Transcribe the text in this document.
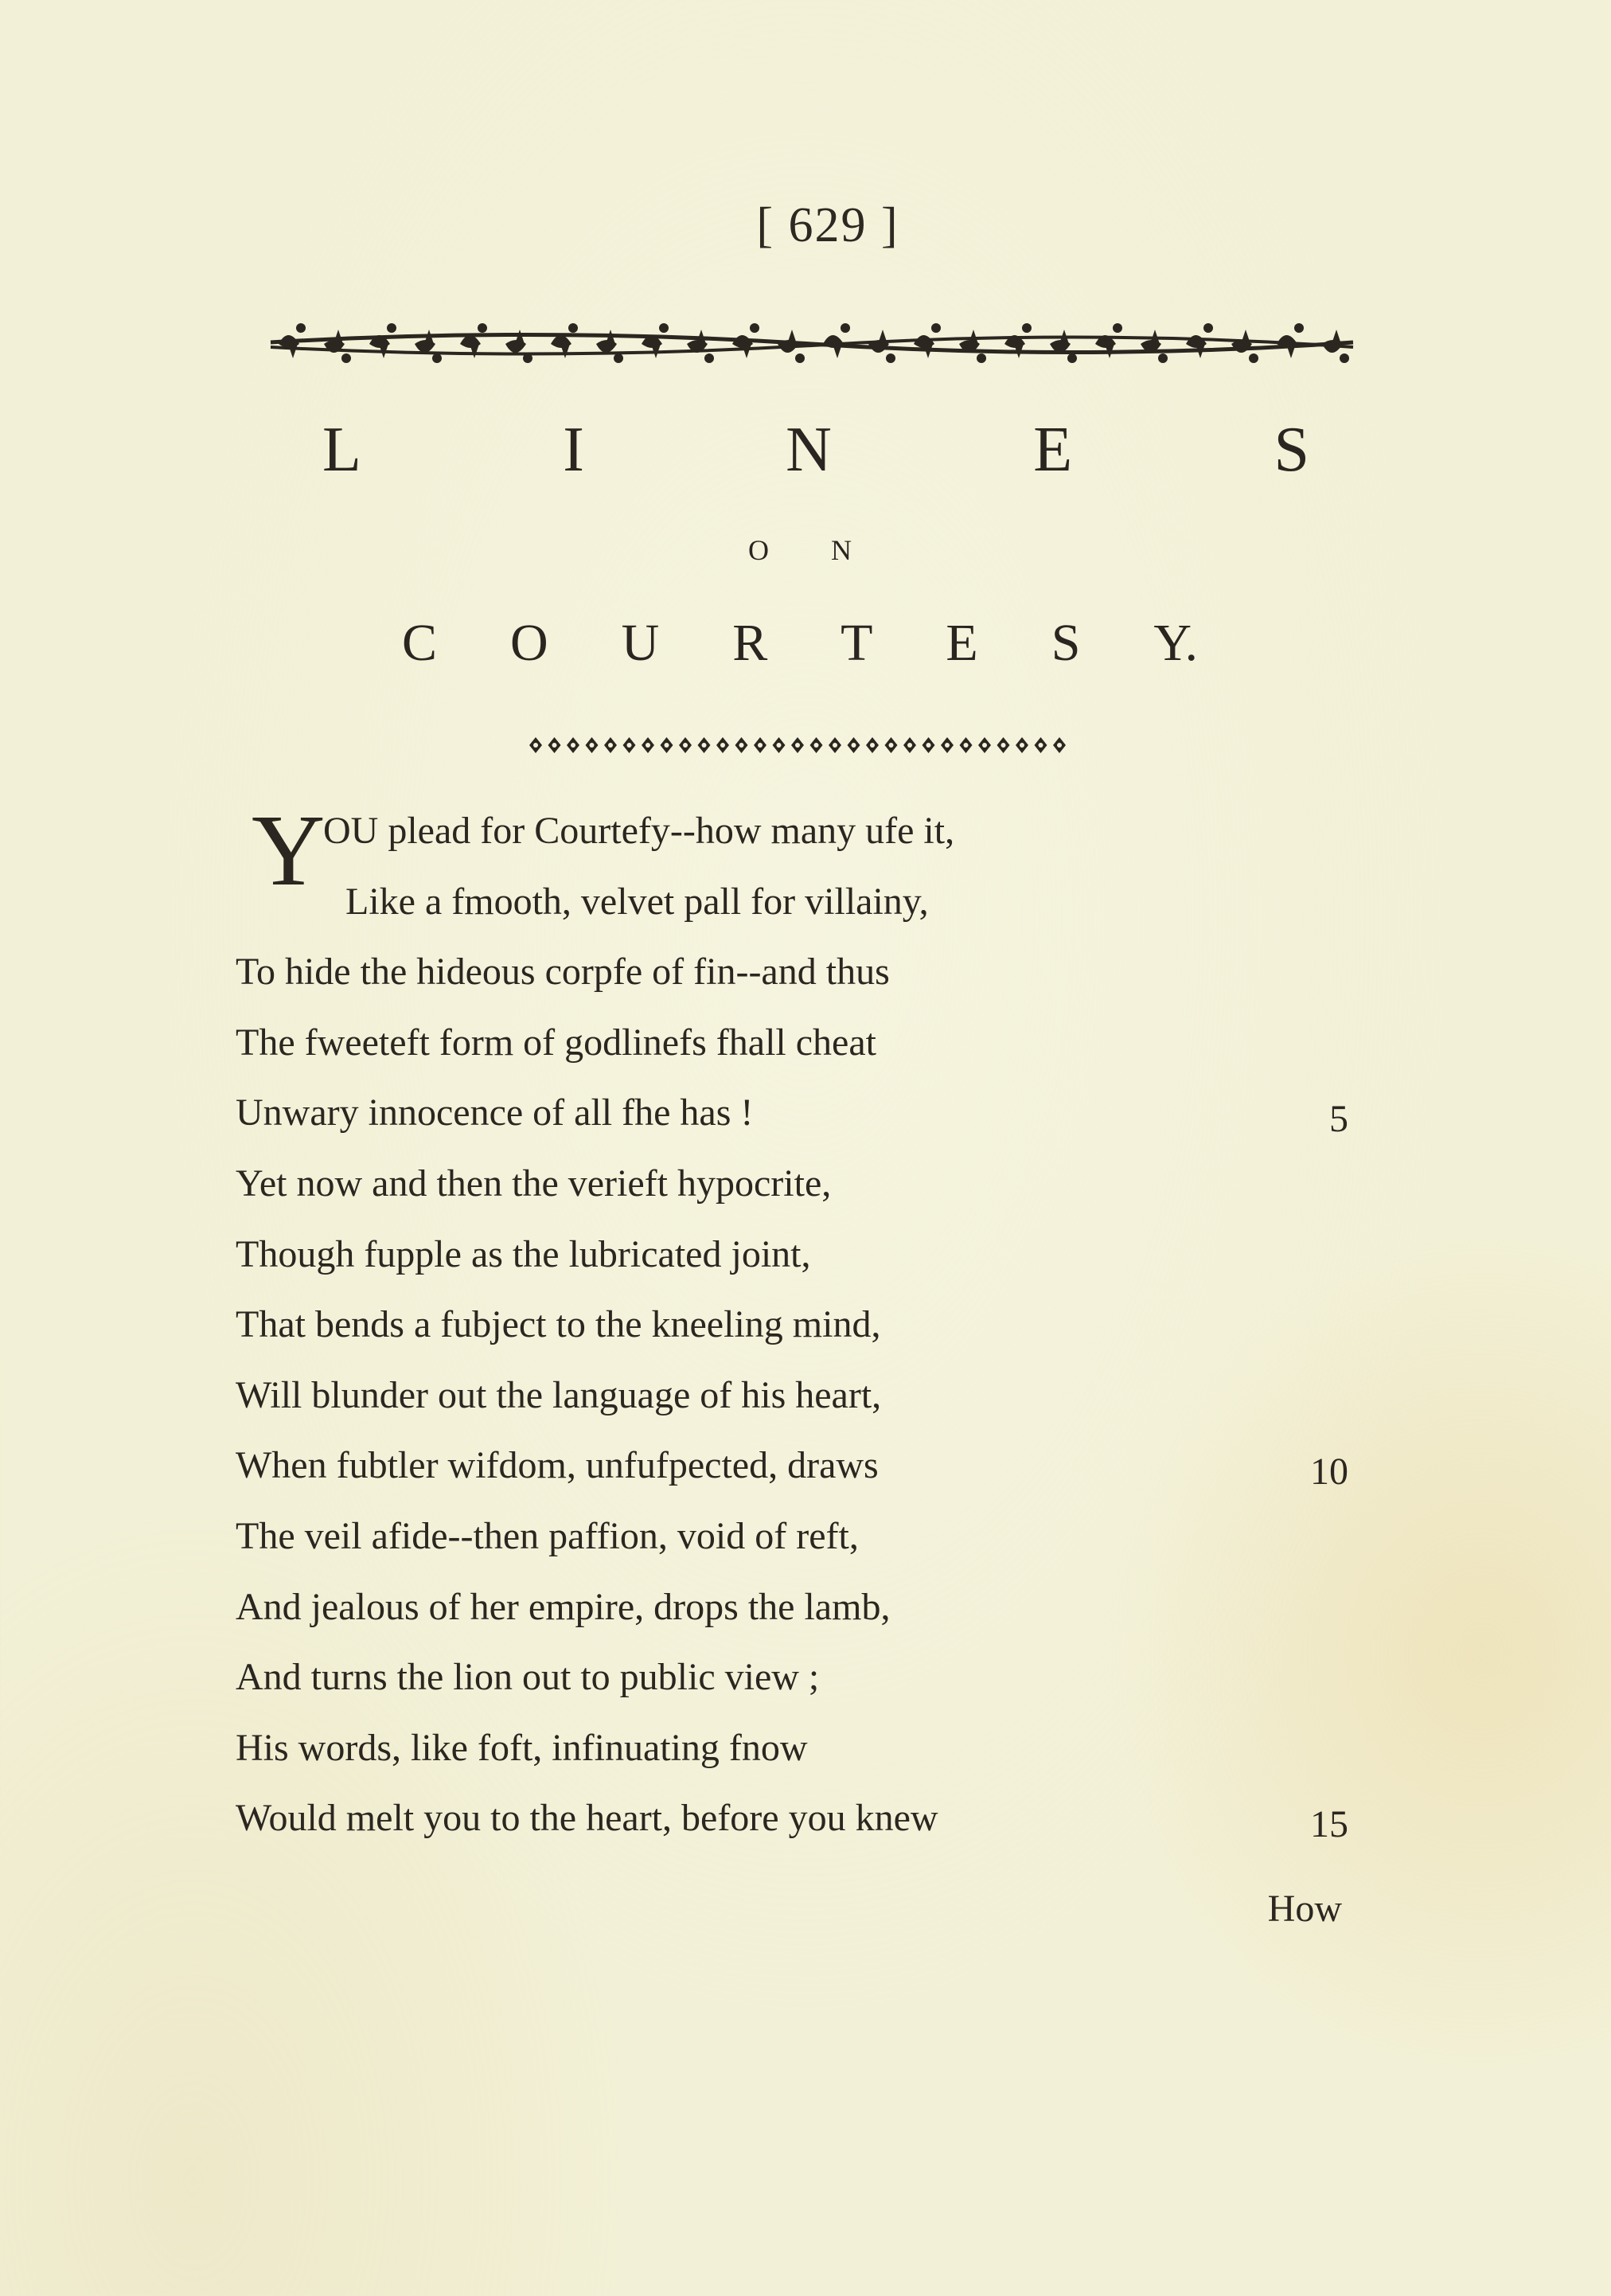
[ 629 ]
L	I	N	E	S
O N
C O U R T E S Y.
Y
OU plead for Courtefy--how many ufe it,
Like a fmooth, velvet pall for villainy,
To hide the hideous corpfe of fin--and thus
The fweeteft form of godlinefs fhall cheat
Unwary innocence of all fhe has !	5
Yet now and then the verieft hypocrite,
Though fupple as the lubricated joint,
That bends a fubject to the kneeling mind,
Will blunder out the language of his heart,
When fubtler wifdom, unfufpected, draws	10
The veil afide--then paffion, void of reft,
And jealous of her empire, drops the lamb,
And turns the lion out to public view ;
His words, like foft, infinuating fnow
Would melt you to the heart, before you knew	15
How
